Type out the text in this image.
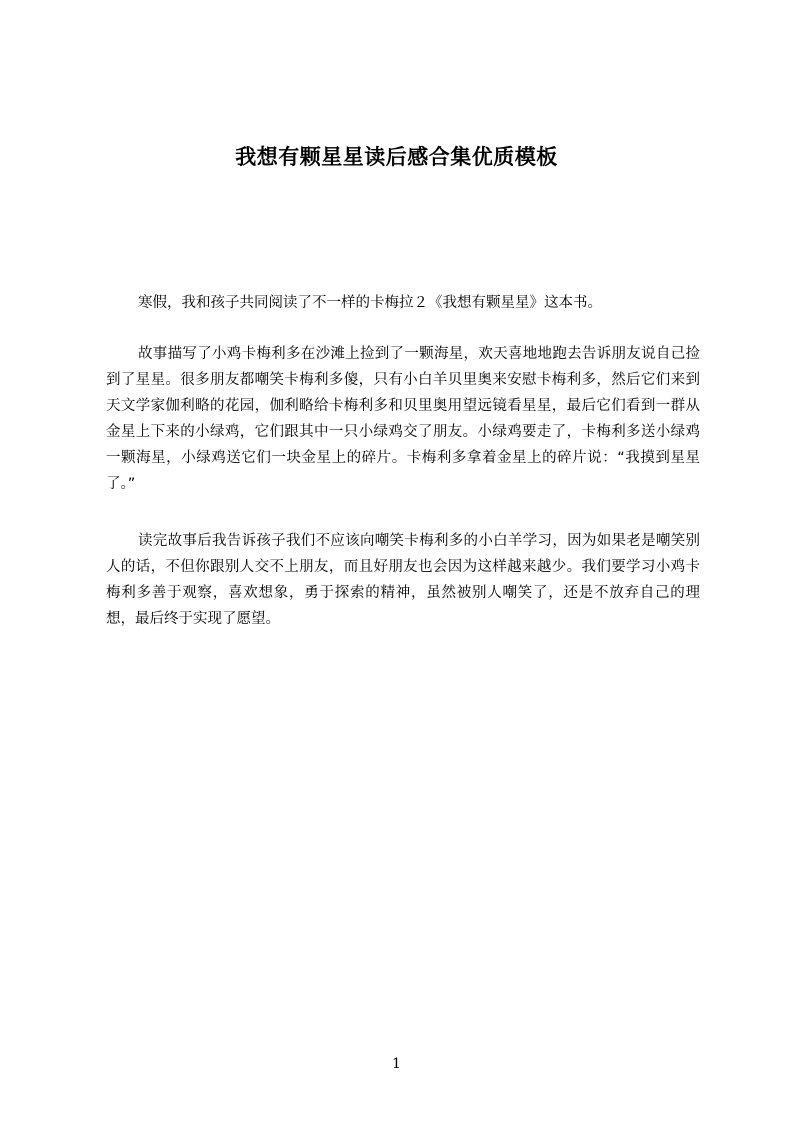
我想有颗星星读后感合集优质模板

寒假，我和孩子共同阅读了不一样的卡梅拉２《我想有颗星星》这本书。

故事描写了小鸡卡梅利多在沙滩上捡到了一颗海星，欢天喜地地跑去告诉朋友说自己捡到了星星。很多朋友都嘲笑卡梅利多傻，只有小白羊贝里奥来安慰卡梅利多，然后它们来到天文学家伽利略的花园，伽利略给卡梅利多和贝里奥用望远镜看星星，最后它们看到一群从金星上下来的小绿鸡，它们跟其中一只小绿鸡交了朋友。小绿鸡要走了，卡梅利多送小绿鸡一颗海星，小绿鸡送它们一块金星上的碎片。卡梅利多拿着金星上的碎片说：“我摸到星星了。”

读完故事后我告诉孩子我们不应该向嘲笑卡梅利多的小白羊学习，因为如果老是嘲笑别人的话，不但你跟别人交不上朋友，而且好朋友也会因为这样越来越少。我们要学习小鸡卡梅利多善于观察，喜欢想象，勇于探索的精神，虽然被别人嘲笑了，还是不放弃自己的理想，最后终于实现了愿望。

1
